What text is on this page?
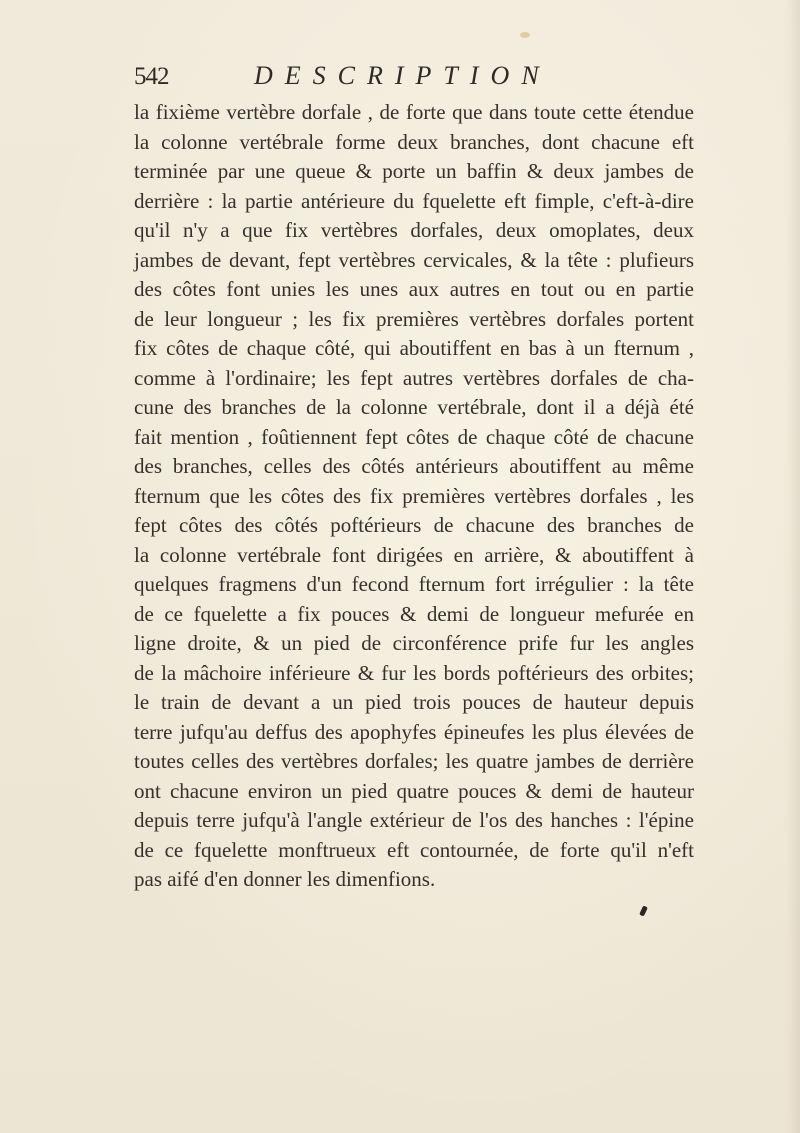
542	DESCRIPTION
la fixième vertèbre dorfale , de forte que dans toute cette étendue
la colonne vertébrale forme deux branches, dont chacune eft
terminée par une queue & porte un baffin & deux jambes de
derrière : la partie antérieure du fquelette eft fimple, c'eft-à-dire
qu'il n'y a que fix vertèbres dorfales, deux omoplates, deux
jambes de devant, fept vertèbres cervicales, & la tête : plufieurs
des côtes font unies les unes aux autres en tout ou en partie
de leur longueur ; les fix premières vertèbres dorfales portent
fix côtes de chaque côté, qui aboutiffent en bas à un fternum ,
comme à l'ordinaire; les fept autres vertèbres dorfales de cha-
cune des branches de la colonne vertébrale, dont il a déjà été
fait mention , foûtiennent fept côtes de chaque côté de chacune
des branches, celles des côtés antérieurs aboutiffent au même
fternum que les côtes des fix premières vertèbres dorfales , les
fept côtes des côtés poftérieurs de chacune des branches de
la colonne vertébrale font dirigées en arrière, & aboutiffent à
quelques fragmens d'un fecond fternum fort irrégulier : la tête
de ce fquelette a fix pouces & demi de longueur mefurée en
ligne droite, & un pied de circonférence prife fur les angles
de la mâchoire inférieure & fur les bords poftérieurs des orbites;
le train de devant a un pied trois pouces de hauteur depuis
terre jufqu'au deffus des apophyfes épineufes les plus élevées de
toutes celles des vertèbres dorfales; les quatre jambes de derrière
ont chacune environ un pied quatre pouces & demi de hauteur
depuis terre jufqu'à l'angle extérieur de l'os des hanches : l'épine
de ce fquelette monftrueux eft contournée, de forte qu'il n'eft
pas aifé d'en donner les dimenfions.
